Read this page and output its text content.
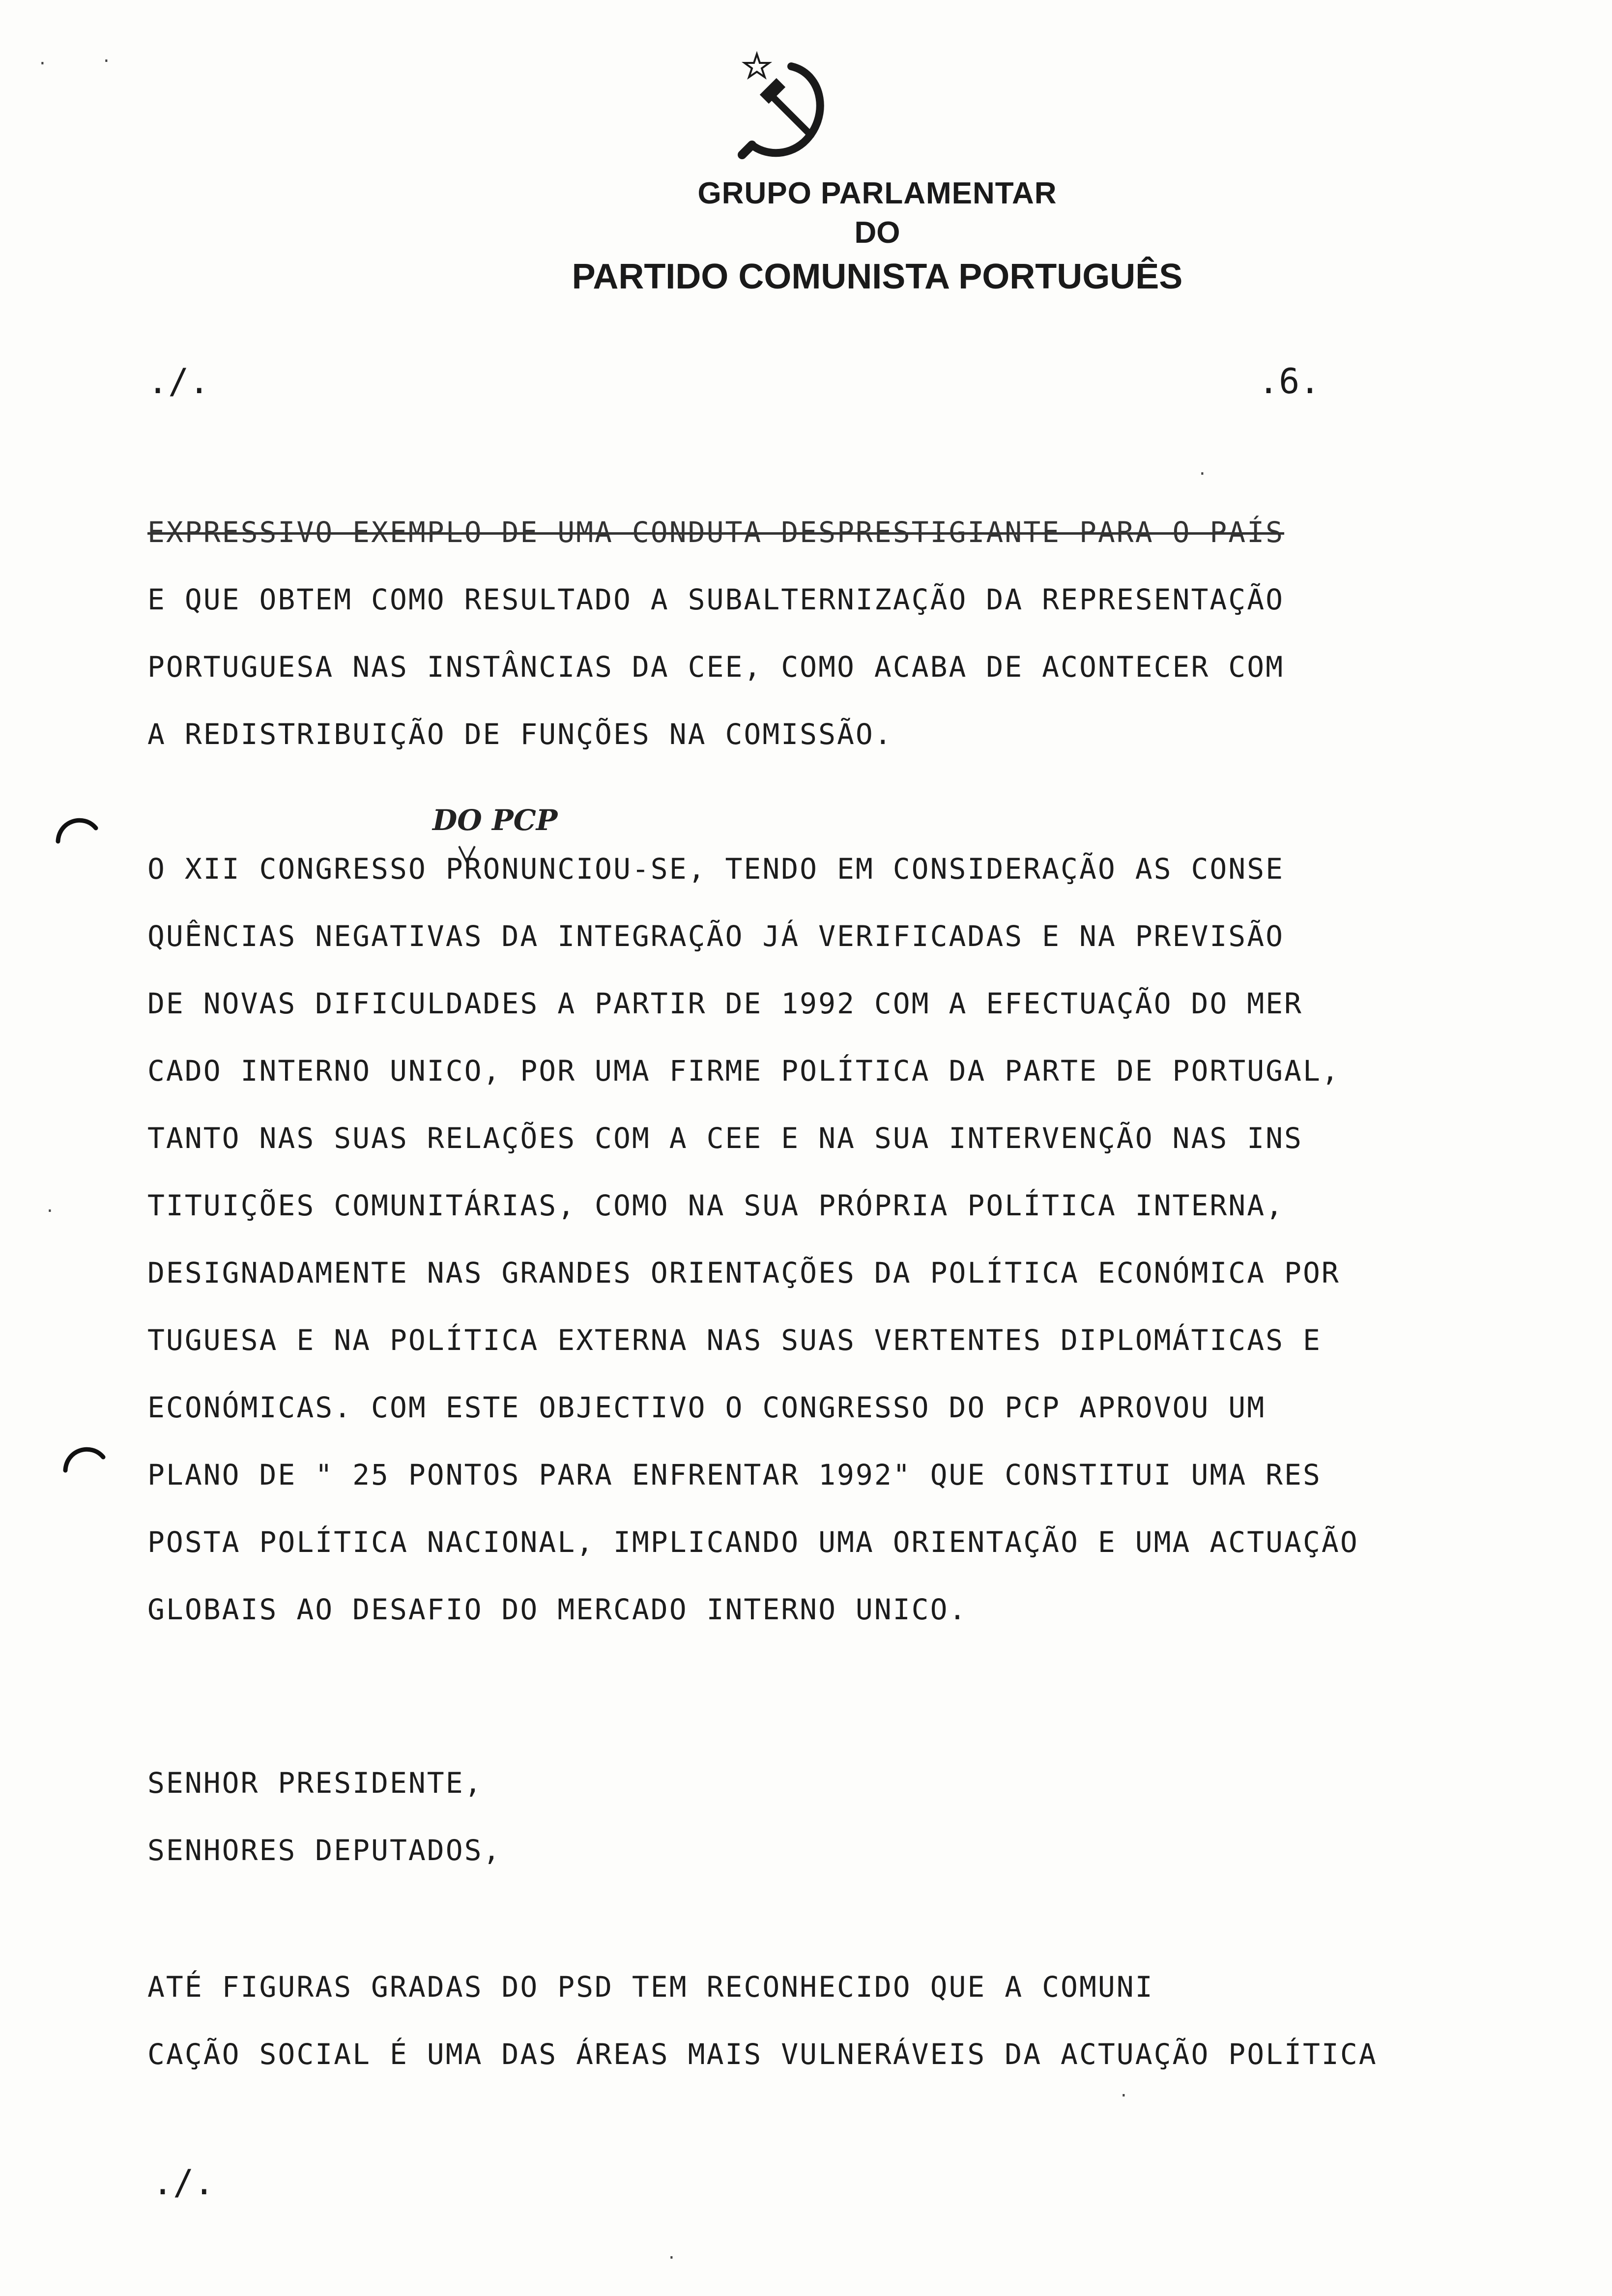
GRUPO PARLAMENTAR
DO
PARTIDO COMUNISTA PORTUGUÊS
./.	.6.
EXPRESSIVO EXEMPLO DE UMA CONDUTA DESPRESTIGIANTE PARA O PAÍS
E QUE OBTEM COMO RESULTADO A SUBALTERNIZAÇÃO DA REPRESENTAÇÃO
PORTUGUESA NAS INSTÂNCIAS DA CEE, COMO ACABA DE ACONTECER COM
A REDISTRIBUIÇÃO DE FUNÇÕES NA COMISSÃO.
DO PCP
O XII CONGRESSO PRONUNCIOU-SE, TENDO EM CONSIDERAÇÃO AS CONSE
QUÊNCIAS NEGATIVAS DA INTEGRAÇÃO JÁ VERIFICADAS E NA PREVISÃO
DE NOVAS DIFICULDADES A PARTIR DE 1992 COM A EFECTUAÇÃO DO MER
CADO INTERNO UNICO, POR UMA FIRME POLÍTICA DA PARTE DE PORTUGAL,
TANTO NAS SUAS RELAÇÕES COM A CEE E NA SUA INTERVENÇÃO NAS INS
TITUIÇÕES COMUNITÁRIAS, COMO NA SUA PRÓPRIA POLÍTICA INTERNA,
DESIGNADAMENTE NAS GRANDES ORIENTAÇÕES DA POLÍTICA ECONÓMICA POR
TUGUESA E NA POLÍTICA EXTERNA NAS SUAS VERTENTES DIPLOMÁTICAS E
ECONÓMICAS. COM ESTE OBJECTIVO O CONGRESSO DO PCP APROVOU UM
PLANO DE " 25 PONTOS PARA ENFRENTAR 1992" QUE CONSTITUI UMA RES
POSTA POLÍTICA NACIONAL, IMPLICANDO UMA ORIENTAÇÃO E UMA ACTUAÇÃO
GLOBAIS AO DESAFIO DO MERCADO INTERNO UNICO.
SENHOR PRESIDENTE,
SENHORES DEPUTADOS,
ATÉ FIGURAS GRADAS DO PSD TEM RECONHECIDO QUE A COMUNI
CAÇÃO SOCIAL É UMA DAS ÁREAS MAIS VULNERÁVEIS DA ACTUAÇÃO POLÍTICA
./.
.	.
.
.
.
.
